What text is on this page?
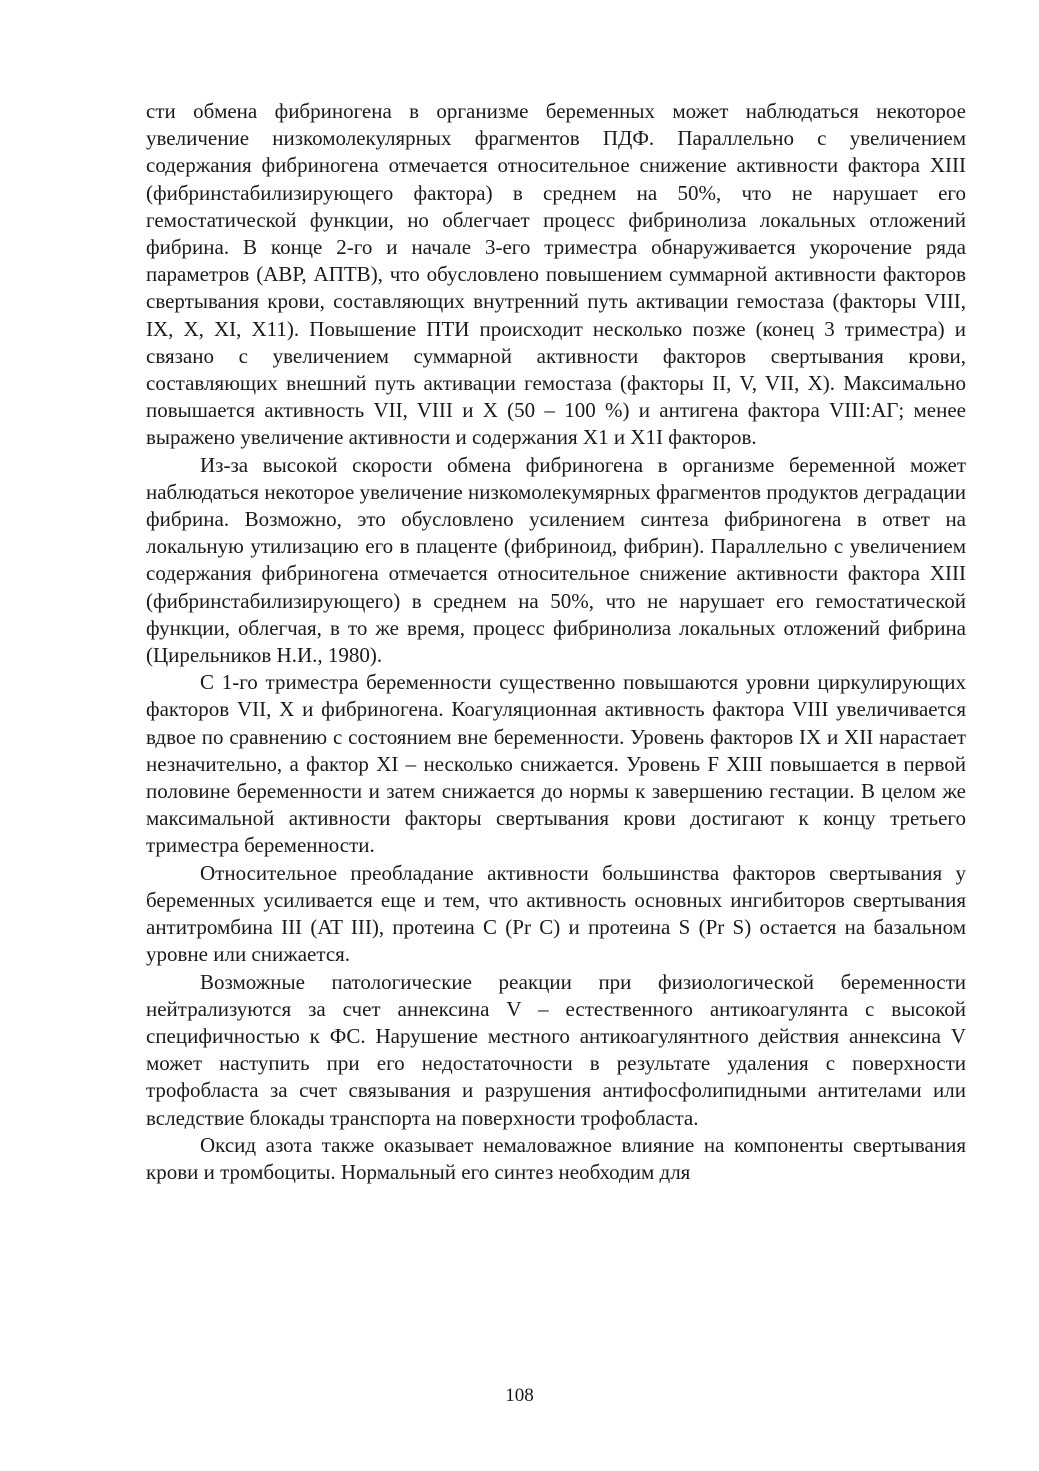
сти обмена фибриногена в организме беременных может наблюдаться некоторое увеличение низкомолекулярных фрагментов ПДФ. Параллельно с увеличением содержания фибриногена отмечается относительное снижение активности фактора XIII (фибринстабилизирующего фактора) в среднем на 50%, что не нарушает его гемостатической функции, но облегчает процесс фибринолиза локальных отложений фибрина. В конце 2-го и начале 3-его триместра обнаруживается укорочение ряда параметров (АВР, АПТВ), что обусловлено повышением суммарной активности факторов свертывания крови, составляющих внутренний путь активации гемостаза (факторы VIII, IX, X, XI, X11). Повышение ПТИ происходит несколько позже (конец 3 триместра) и связано с увеличением суммарной активности факторов свертывания крови, составляющих внешний путь активации гемостаза (факторы II, V, VII, X). Максимально повышается активность VII, VIII и X (50 – 100 %) и антигена фактора VIII:АГ; менее выражено увеличение активности и содержания X1 и X1I факторов.

Из-за высокой скорости обмена фибриногена в организме беременной может наблюдаться некоторое увеличение низкомолекумярных фрагментов продуктов деградации фибрина. Возможно, это обусловлено усилением синтеза фибриногена в ответ на локальную утилизацию его в плаценте (фибриноид, фибрин). Параллельно с увеличением содержания фибриногена отмечается относительное снижение активности фактора XIII (фибринстабилизирующего) в среднем на 50%, что не нарушает его гемостатической функции, облегчая, в то же время, процесс фибринолиза локальных отложений фибрина (Цирельников Н.И., 1980).

С 1-го триместра беременности существенно повышаются уровни циркулирующих факторов VII, X и фибриногена. Коагуляционная активность фактора VIII увеличивается вдвое по сравнению с состоянием вне беременности. Уровень факторов IX и XII нарастает незначительно, а фактор XI – несколько снижается. Уровень F XIII повышается в первой половине беременности и затем снижается до нормы к завершению гестации. В целом же максимальной активности факторы свертывания крови достигают к концу третьего триместра беременности.

Относительное преобладание активности большинства факторов свертывания у беременных усиливается еще и тем, что активность основных ингибиторов свертывания антитромбина III (AT III), протеина С (Pr C) и протеина S (Pr S) остается на базальном уровне или снижается.

Возможные патологические реакции при физиологической беременности нейтрализуются за счет аннексина V – естественного антикоагулянта с высокой специфичностью к ФС. Нарушение местного антикоагулянтного действия аннексина V может наступить при его недостаточности в результате удаления с поверхности трофобласта за счет связывания и разрушения антифосфолипидными антителами или вследствие блокады транспорта на поверхности трофобласта.

Оксид азота также оказывает немаловажное влияние на компоненты свертывания крови и тромбоциты. Нормальный его синтез необходим для

108
